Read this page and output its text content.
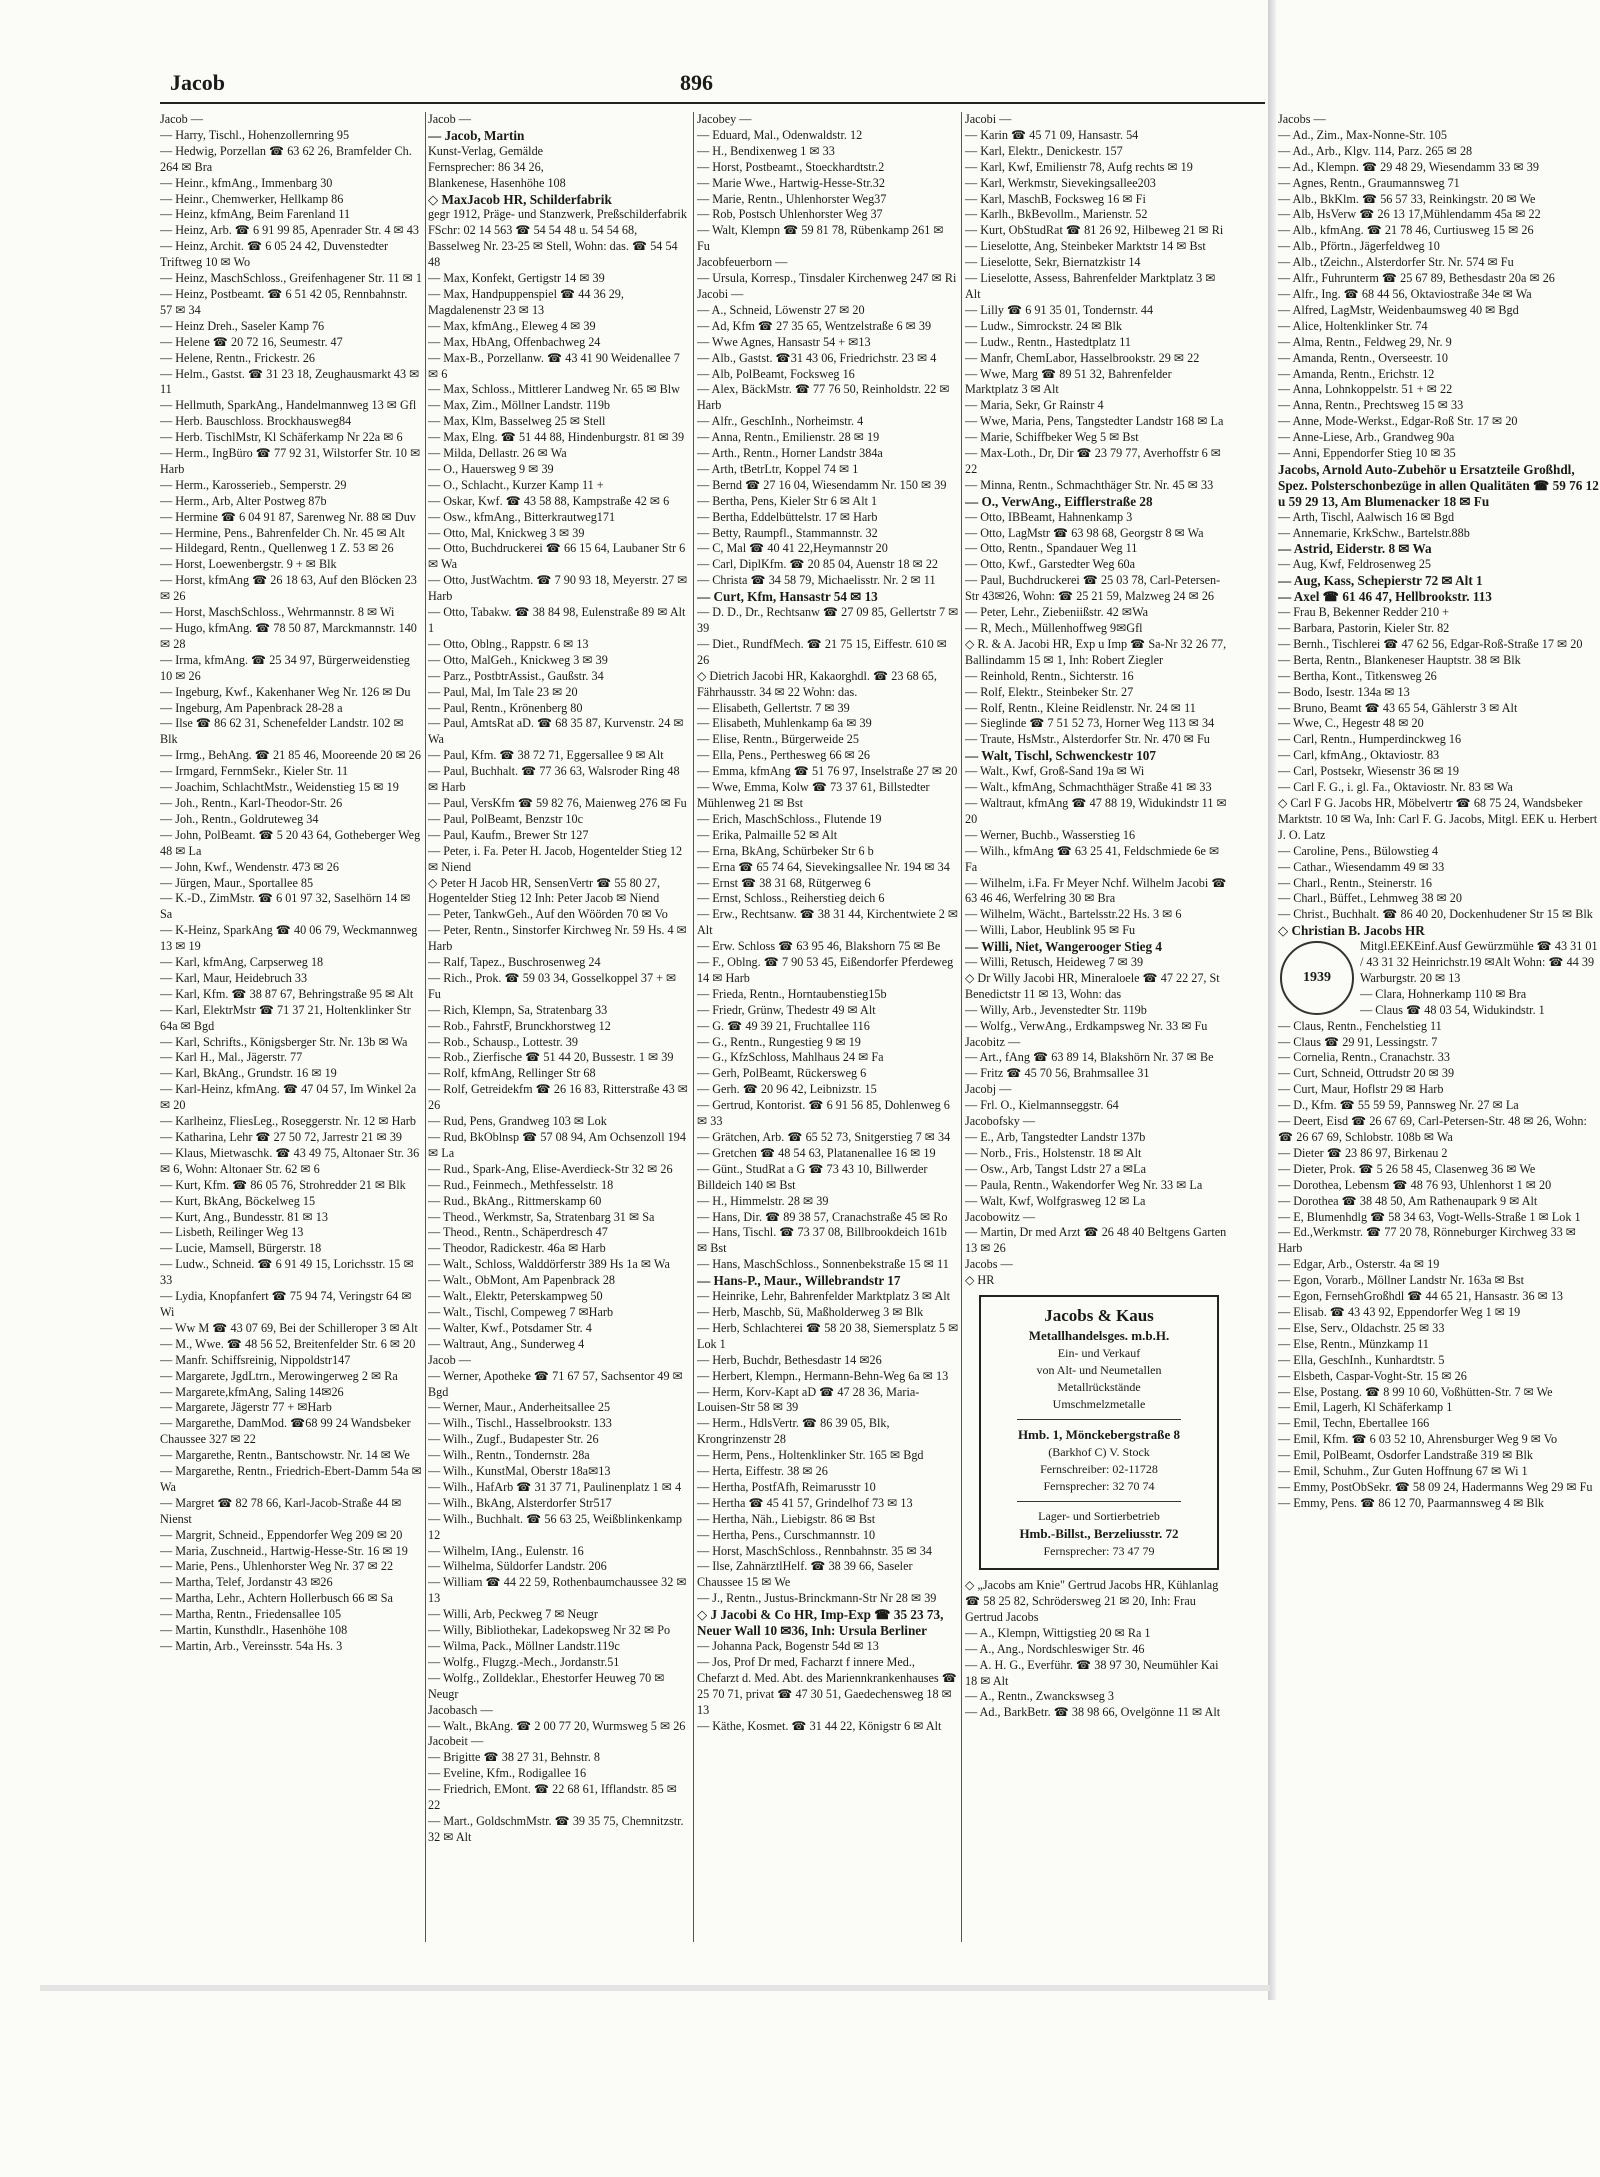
Jacob	896
Jacob —
— Harry, Tischl., Hohenzollernring 95
— Hedwig, Porzellan ☎ 63 62 26, Bramfelder Ch. 264 ✉ Bra
— Heinr., kfmAng., Immenbarg 30
— Heinr., Chemwerker, Hellkamp 86
— Heinz, kfmAng, Beim Farenland 11
— Heinz, Arb. ☎ 6 91 99 85, Apenrader Str. 4 ✉ 43
— Heinz, Archit. ☎ 6 05 24 42, Duvenstedter Triftweg 10 ✉ Wo
— Heinz, MaschSchloss., Greifenhagener Str. 11 ✉ 1
— Heinz, Postbeamt. ☎ 6 51 42 05, Rennbahnstr. 57 ✉ 34
— Heinz Dreh., Saseler Kamp 76
— Helene ☎ 20 72 16, Seumestr. 47
— Helene, Rentn., Frickestr. 26
— Helm., Gastst. ☎ 31 23 18, Zeughausmarkt 43 ✉ 11
— Hellmuth, SparkAng., Handelmannweg 13 ✉ Gfl
— Herb. Bauschloss. Brockhausweg84
— Herb. TischlMstr, Kl Schäferkamp Nr 22a ✉ 6
— Herm., IngBüro ☎ 77 92 31, Wilstorfer Str. 10 ✉ Harb
— Herm., Karosserieb., Semperstr. 29
— Herm., Arb, Alter Postweg 87b
— Hermine ☎ 6 04 91 87, Sarenweg Nr. 88 ✉ Duv
— Hermine, Pens., Bahrenfelder Ch. Nr. 45 ✉ Alt
— Hildegard, Rentn., Quellenweg 1 Z. 53 ✉ 26
— Horst, Loewenbergstr. 9 + ✉ Blk
— Horst, kfmAng ☎ 26 18 63, Auf den Blöcken 23 ✉ 26
— Horst, MaschSchloss., Wehrmannstr. 8 ✉ Wi
— Hugo, kfmAng. ☎ 78 50 87, Marckmannstr. 140 ✉ 28
— Irma, kfmAng. ☎ 25 34 97, Bürgerweidenstieg 10 ✉ 26
— Ingeburg, Kwf., Kakenhaner Weg Nr. 126 ✉ Du
— Ingeburg, Am Papenbrack 28-28 a
— Ilse ☎ 86 62 31, Schenefelder Landstr. 102 ✉ Blk
— Irmg., BehAng. ☎ 21 85 46, Mooreende 20 ✉ 26
— Irmgard, FernmSekr., Kieler Str. 11
— Joachim, SchlachtMstr., Weidenstieg 15 ✉ 19
— Joh., Rentn., Karl-Theodor-Str. 26
— Joh., Rentn., Goldruteweg 34
— John, PolBeamt. ☎ 5 20 43 64, Gotheberger Weg 48 ✉ La
— John, Kwf., Wendenstr. 473 ✉ 26
— Jürgen, Maur., Sportallee 85
— K.-D., ZimMstr. ☎ 6 01 97 32, Saselhörn 14 ✉ Sa
— K-Heinz, SparkAng ☎ 40 06 79, Weckmannweg 13 ✉ 19
— Karl, kfmAng, Carpserweg 18
— Karl, Maur, Heidebruch 33
— Karl, Kfm. ☎ 38 87 67, Behringstraße 95 ✉ Alt
— Karl, ElektrMstr ☎ 71 37 21, Holtenklinker Str 64a ✉ Bgd
— Karl, Schrifts., Königsberger Str. Nr. 13b ✉ Wa
— Karl H., Mal., Jägerstr. 77
— Karl, BkAng., Grundstr. 16 ✉ 19
— Karl-Heinz, kfmAng. ☎ 47 04 57, Im Winkel 2a ✉ 20
— Karlheinz, FliesLeg., Roseggerstr. Nr. 12 ✉ Harb
— Katharina, Lehr ☎ 27 50 72, Jarrestr 21 ✉ 39
— Klaus, Mietwaschk. ☎ 43 49 75, Altonaer Str. 36 ✉ 6, Wohn: Altonaer Str. 62 ✉ 6
— Kurt, Kfm. ☎ 86 05 76, Strohredder 21 ✉ Blk
— Kurt, BkAng, Böckelweg 15
— Kurt, Ang., Bundesstr. 81 ✉ 13
— Lisbeth, Reilinger Weg 13
— Lucie, Mamsell, Bürgerstr. 18
— Ludw., Schneid. ☎ 6 91 49 15, Lorichsstr. 15 ✉ 33
— Lydia, Knopfanfert ☎ 75 94 74, Veringstr 64 ✉ Wi
— Ww M ☎ 43 07 69, Bei der Schilleroper 3 ✉ Alt
— M., Wwe. ☎ 48 56 52, Breitenfelder Str. 6 ✉ 20
— Manfr. Schiffsreinig, Nippoldstr147
— Margarete, JgdLtrn., Merowingerweg 2 ✉ Ra
— Margarete,kfmAng, Saling 14✉26
— Margarete, Jägerstr 77 + ✉Harb
— Margarethe, DamMod. ☎68 99 24 Wandsbeker Chaussee 327 ✉ 22
— Margarethe, Rentn., Bantschowstr. Nr. 14 ✉ We
— Margarethe, Rentn., Friedrich-Ebert-Damm 54a ✉ Wa
— Margret ☎ 82 78 66, Karl-Jacob-Straße 44 ✉ Nienst
— Margrit, Schneid., Eppendorfer Weg 209 ✉ 20
— Maria, Zuschneid., Hartwig-Hesse-Str. 16 ✉ 19
— Marie, Pens., Uhlenhorster Weg Nr. 37 ✉ 22
— Martha, Telef, Jordanstr 43 ✉26
— Martha, Lehr., Achtern Hollerbusch 66 ✉ Sa
— Martha, Rentn., Friedensallee 105
— Martin, Kunsthdlr., Hasenhöhe 108
— Martin, Arb., Vereinsstr. 54a Hs. 3
Jacob —
— Jacob, Martin
Kunst-Verlag, Gemälde
Fernsprecher: 86 34 26,
Blankenese, Hasenhöhe 108
◇ MaxJacob HR, Schilderfabrik
gegr 1912, Präge- und Stanzwerk, Preßschilderfabrik FSchr: 02 14 563 ☎ 54 54 48 u. 54 54 68, Basselweg Nr. 23-25 ✉ Stell, Wohn: das. ☎ 54 54 48
— Max, Konfekt, Gertigstr 14 ✉ 39
— Max, Handpuppenspiel ☎ 44 36 29, Magdalenenstr 23 ✉ 13
— Max, kfmAng., Eleweg 4 ✉ 39
— Max, HbAng, Offenbachweg 24
— Max-B., Porzellanw. ☎ 43 41 90 Weidenallee 7 ✉ 6
— Max, Schloss., Mittlerer Landweg Nr. 65 ✉ Blw
— Max, Zim., Möllner Landstr. 119b
— Max, Klm, Basselweg 25 ✉ Stell
— Max, Elng. ☎ 51 44 88, Hindenburgstr. 81 ✉ 39
— Milda, Dellastr. 26 ✉ Wa
— O., Hauersweg 9 ✉ 39
— O., Schlacht., Kurzer Kamp 11 +
— Oskar, Kwf. ☎ 43 58 88, Kampstraße 42 ✉ 6
— Osw., kfmAng., Bitterkrautweg171
— Otto, Mal, Knickweg 3 ✉ 39
— Otto, Buchdruckerei ☎ 66 15 64, Laubaner Str 6 ✉ Wa
— Otto, JustWachtm. ☎ 7 90 93 18, Meyerstr. 27 ✉ Harb
— Otto, Tabakw. ☎ 38 84 98, Eulenstraße 89 ✉ Alt 1
— Otto, Oblng., Rappstr. 6 ✉ 13
— Otto, MalGeh., Knickweg 3 ✉ 39
— Parz., PostbtrAssist., Gaußstr. 34
— Paul, Mal, Im Tale 23 ✉ 20
— Paul, Rentn., Krönenberg 80
— Paul, AmtsRat aD. ☎ 68 35 87, Kurvenstr. 24 ✉ Wa
— Paul, Kfm. ☎ 38 72 71, Eggersallee 9 ✉ Alt
— Paul, Buchhalt. ☎ 77 36 63, Walsroder Ring 48 ✉ Harb
— Paul, VersKfm ☎ 59 82 76, Maienweg 276 ✉ Fu
— Paul, PolBeamt, Benzstr 10c
— Paul, Kaufm., Brewer Str 127
— Peter, i. Fa. Peter H. Jacob, Hogentelder Stieg 12 ✉ Niend
◇ Peter H Jacob HR, SensenVertr ☎ 55 80 27, Hogentelder Stieg 12 Inh: Peter Jacob ✉ Niend
— Peter, TankwGeh., Auf den Wöörden 70 ✉ Vo
— Peter, Rentn., Sinstorfer Kirchweg Nr. 59 Hs. 4 ✉ Harb
— Ralf, Tapez., Buschrosenweg 24
— Rich., Prok. ☎ 59 03 34, Gosselkoppel 37 + ✉ Fu
— Rich, Klempn, Sa, Stratenbarg 33
— Rob., FahrstF, Brunckhorstweg 12
— Rob., Schausp., Lottestr. 39
— Rob., Zierfische ☎ 51 44 20, Bussestr. 1 ✉ 39
— Rolf, kfmAng, Rellinger Str 68
— Rolf, Getreidekfm ☎ 26 16 83, Ritterstraße 43 ✉ 26
— Rud, Pens, Grandweg 103 ✉ Lok
— Rud, BkOblnsp ☎ 57 08 94, Am Ochsenzoll 194 ✉ La
— Rud., Spark-Ang, Elise-Averdieck-Str 32 ✉ 26
— Rud., Feinmech., Methfesselstr. 18
— Rud., BkAng., Rittmerskamp 60
— Theod., Werkmstr, Sa, Stratenbarg 31 ✉ Sa
— Theod., Rentn., Schäperdresch 47
— Theodor, Radickestr. 46a ✉ Harb
— Walt., Schloss, Walddörferstr 389 Hs 1a ✉ Wa
— Walt., ObMont, Am Papenbrack 28
— Walt., Elektr, Peterskampweg 50
— Walt., Tischl, Compeweg 7 ✉Harb
— Walter, Kwf., Potsdamer Str. 4
— Waltraut, Ang., Sunderweg 4
Jacob —
— Werner, Apotheke ☎ 71 67 57, Sachsentor 49 ✉ Bgd
— Werner, Maur., Anderheitsallee 25
— Wilh., Tischl., Hasselbrookstr. 133
— Wilh., Zugf., Budapester Str. 26
— Wilh., Rentn., Tondernstr. 28a
— Wilh., KunstMal, Oberstr 18a✉13
— Wilh., HafArb ☎ 31 37 71, Paulinenplatz 1 ✉ 4
— Wilh., BkAng, Alsterdorfer Str517
— Wilh., Buchhalt. ☎ 56 63 25, Weißblinkenkamp 12
— Wilhelm, IAng., Eulenstr. 16
— Wilhelma, Süldorfer Landstr. 206
— William ☎ 44 22 59, Rothenbaumchaussee 32 ✉ 13
— Willi, Arb, Peckweg 7 ✉ Neugr
— Willy, Bibliothekar, Ladekopsweg Nr 32 ✉ Po
— Wilma, Pack., Möllner Landstr.119c
— Wolfg., Flugzg.-Mech., Jordanstr.51
— Wolfg., Zolldeklar., Ehestorfer Heuweg 70 ✉ Neugr
Jacobasch —
— Walt., BkAng. ☎ 2 00 77 20, Wurmsweg 5 ✉ 26
Jacobeit —
— Brigitte ☎ 38 27 31, Behnstr. 8
— Eveline, Kfm., Rodigallee 16
— Friedrich, EMont. ☎ 22 68 61, Ifflandstr. 85 ✉ 22
— Mart., GoldschmMstr. ☎ 39 35 75, Chemnitzstr. 32 ✉ Alt
Jacobey —
— Eduard, Mal., Odenwaldstr. 12
— H., Bendixenweg 1 ✉ 33
— Horst, Postbeamt., Stoeckhardtstr.2
— Marie Wwe., Hartwig-Hesse-Str.32
— Marie, Rentn., Uhlenhorster Weg37
— Rob, Postsch Uhlenhorster Weg 37
— Walt, Klempn ☎ 59 81 78, Rübenkamp 261 ✉ Fu
Jacobfeuerborn —
— Ursula, Korresp., Tinsdaler Kirchenweg 247 ✉ Ri
Jacobi —
— A., Schneid, Löwenstr 27 ✉ 20
— Ad, Kfm ☎ 27 35 65, Wentzelstraße 6 ✉ 39
— Wwe Agnes, Hansastr 54 + ✉13
— Alb., Gastst. ☎31 43 06, Friedrichstr. 23 ✉ 4
— Alb, PolBeamt, Focksweg 16
— Alex, BäckMstr. ☎ 77 76 50, Reinholdstr. 22 ✉ Harb
— Alfr., GeschInh., Norheimstr. 4
— Anna, Rentn., Emilienstr. 28 ✉ 19
— Arth., Rentn., Horner Landstr 384a
— Arth, tBetrLtr, Koppel 74 ✉ 1
— Bernd ☎ 27 16 04, Wiesendamm Nr. 150 ✉ 39
— Bertha, Pens, Kieler Str 6 ✉ Alt 1
— Bertha, Eddelbüttelstr. 17 ✉ Harb
— Betty, Raumpfl., Stammannstr. 32
— C, Mal ☎ 40 41 22,Heymannstr 20
— Carl, DiplKfm. ☎ 20 85 04, Auenstr 18 ✉ 22
— Christa ☎ 34 58 79, Michaelisstr. Nr. 2 ✉ 11
— Curt, Kfm, Hansastr 54 ✉ 13
— D. D., Dr., Rechtsanw ☎ 27 09 85, Gellertstr 7 ✉ 39
— Diet., RundfMech. ☎ 21 75 15, Eiffestr. 610 ✉ 26
◇ Dietrich Jacobi HR, Kakaorghdl. ☎ 23 68 65, Fährhausstr. 34 ✉ 22 Wohn: das.
— Elisabeth, Gellertstr. 7 ✉ 39
— Elisabeth, Muhlenkamp 6a ✉ 39
— Elise, Rentn., Bürgerweide 25
— Ella, Pens., Perthesweg 66 ✉ 26
— Emma, kfmAng ☎ 51 76 97, Inselstraße 27 ✉ 20
— Wwe, Emma, Kolw ☎ 73 37 61, Billstedter Mühlenweg 21 ✉ Bst
— Erich, MaschSchloss., Flutende 19
— Erika, Palmaille 52 ✉ Alt
— Erna, BkAng, Schürbeker Str 6 b
— Erna ☎ 65 74 64, Sievekingsallee Nr. 194 ✉ 34
— Ernst ☎ 38 31 68, Rütgerweg 6
— Ernst, Schloss., Reiherstieg deich 6
— Erw., Rechtsanw. ☎ 38 31 44, Kirchentwiete 2 ✉ Alt
— Erw. Schloss ☎ 63 95 46, Blakshorn 75 ✉ Be
— F., Oblng. ☎ 7 90 53 45, Eißendorfer Pferdeweg 14 ✉ Harb
— Frieda, Rentn., Horntaubenstieg15b
— Friedr, Grünw, Thedestr 49 ✉ Alt
— G. ☎ 49 39 21, Fruchtallee 116
— G., Rentn., Rungestieg 9 ✉ 19
— G., KfzSchloss, Mahlhaus 24 ✉ Fa
— Gerh, PolBeamt, Rückersweg 6
— Gerh. ☎ 20 96 42, Leibnizstr. 15
— Gertrud, Kontorist. ☎ 6 91 56 85, Dohlenweg 6 ✉ 33
— Grätchen, Arb. ☎ 65 52 73, Snitgerstieg 7 ✉ 34
— Gretchen ☎ 48 54 63, Platanenallee 16 ✉ 19
— Günt., StudRat a G ☎ 73 43 10, Billwerder Billdeich 140 ✉ Bst
— H., Himmelstr. 28 ✉ 39
— Hans, Dir. ☎ 89 38 57, Cranachstraße 45 ✉ Ro
— Hans, Tischl. ☎ 73 37 08, Billbrookdeich 161b ✉ Bst
— Hans, MaschSchloss., Sonnenbekstraße 15 ✉ 11
— Hans-P., Maur., Willebrandstr 17
— Heinrike, Lehr, Bahrenfelder Marktplatz 3 ✉ Alt
— Herb, Maschb, Sü, Maßholderweg 3 ✉ Blk
— Herb, Schlachterei ☎ 58 20 38, Siemersplatz 5 ✉ Lok 1
— Herb, Buchdr, Bethesdastr 14 ✉26
— Herbert, Klempn., Hermann-Behn-Weg 6a ✉ 13
— Herm, Korv-Kapt aD ☎ 47 28 36, Maria-Louisen-Str 58 ✉ 39
— Herm., HdlsVertr. ☎ 86 39 05, Blk, Krongrinzenstr 28
— Herm, Pens., Holtenklinker Str. 165 ✉ Bgd
— Herta, Eiffestr. 38 ✉ 26
— Hertha, PostfAfh, Reimarusstr 10
— Hertha ☎ 45 41 57, Grindelhof 73 ✉ 13
— Hertha, Näh., Liebigstr. 86 ✉ Bst
— Hertha, Pens., Curschmannstr. 10
— Horst, MaschSchloss., Rennbahnstr. 35 ✉ 34
— Ilse, ZahnärztlHelf. ☎ 38 39 66, Saseler Chaussee 15 ✉ We
— J., Rentn., Justus-Brinckmann-Str Nr 28 ✉ 39
◇ J Jacobi & Co HR, Imp-Exp ☎ 35 23 73, Neuer Wall 10 ✉36, Inh: Ursula Berliner
— Johanna Pack, Bogenstr 54d ✉ 13
— Jos, Prof Dr med, Facharzt f innere Med., Chefarzt d. Med. Abt. des Mariennkrankenhauses ☎ 25 70 71, privat ☎ 47 30 51, Gaedechensweg 18 ✉ 13
— Käthe, Kosmet. ☎ 31 44 22, Königstr 6 ✉ Alt
Jacobi —
— Karin ☎ 45 71 09, Hansastr. 54
— Karl, Elektr., Denickestr. 157
— Karl, Kwf, Emilienstr 78, Aufg rechts ✉ 19
— Karl, Werkmstr, Sievekingsallee203
— Karl, MaschB, Focksweg 16 ✉ Fi
— Karlh., BkBevollm., Marienstr. 52
— Kurt, ObStudRat ☎ 81 26 92, Hilbeweg 21 ✉ Ri
— Lieselotte, Ang, Steinbeker Marktstr 14 ✉ Bst
— Lieselotte, Sekr, Biernatzkistr 14
— Lieselotte, Assess, Bahrenfelder Marktplatz 3 ✉ Alt
— Lilly ☎ 6 91 35 01, Tondernstr. 44
— Ludw., Simrockstr. 24 ✉ Blk
— Ludw., Rentn., Hastedtplatz 11
— Manfr, ChemLabor, Hasselbrookstr. 29 ✉ 22
— Wwe, Marg ☎ 89 51 32, Bahrenfelder Marktplatz 3 ✉ Alt
— Maria, Sekr, Gr Rainstr 4
— Wwe, Maria, Pens, Tangstedter Landstr 168 ✉ La
— Marie, Schiffbeker Weg 5 ✉ Bst
— Max-Loth., Dr, Dir ☎ 23 79 77, Averhoffstr 6 ✉ 22
— Minna, Rentn., Schmachthäger Str. Nr. 45 ✉ 33
— O., VerwAng., Eifflerstraße 28
— Otto, IBBeamt, Hahnenkamp 3
— Otto, LagMstr ☎ 63 98 68, Georgstr 8 ✉ Wa
— Otto, Rentn., Spandauer Weg 11
— Otto, Kwf., Garstedter Weg 60a
— Paul, Buchdruckerei ☎ 25 03 78, Carl-Petersen-Str 43✉26, Wohn: ☎ 25 21 59, Malzweg 24 ✉ 26
— Peter, Lehr., Ziebeniißstr. 42 ✉Wa
— R, Mech., Müllenhoffweg 9✉Gfl
◇ R. & A. Jacobi HR, Exp u Imp ☎ Sa-Nr 32 26 77, Ballindamm 15 ✉ 1, Inh: Robert Ziegler
— Reinhold, Rentn., Sichterstr. 16
— Rolf, Elektr., Steinbeker Str. 27
— Rolf, Rentn., Kleine Reidlenstr. Nr. 24 ✉ 11
— Sieglinde ☎ 7 51 52 73, Horner Weg 113 ✉ 34
— Traute, HsMstr., Alsterdorfer Str. Nr. 470 ✉ Fu
— Walt, Tischl, Schwenckestr 107
— Walt., Kwf, Groß-Sand 19a ✉ Wi
— Walt., kfmAng, Schmachthäger Straße 41 ✉ 33
— Waltraut, kfmAng ☎ 47 88 19, Widukindstr 11 ✉ 20
— Werner, Buchb., Wasserstieg 16
— Wilh., kfmAng ☎ 63 25 41, Feldschmiede 6e ✉ Fa
— Wilhelm, i.Fa. Fr Meyer Nchf. Wilhelm Jacobi ☎ 63 46 46, Werfelring 30 ✉ Bra
— Wilhelm, Wächt., Bartelsstr.22 Hs. 3 ✉ 6
— Willi, Labor, Heublink 95 ✉ Fu
— Willi, Niet, Wangerooger Stieg 4
— Willi, Retusch, Heideweg 7 ✉ 39
◇ Dr Willy Jacobi HR, Mineraloele ☎ 47 22 27, St Benedictstr 11 ✉ 13, Wohn: das
— Willy, Arb., Jevenstedter Str. 119b
— Wolfg., VerwAng., Erdkampsweg Nr. 33 ✉ Fu
Jacobitz —
— Art., fAng ☎ 63 89 14, Blakshörn Nr. 37 ✉ Be
— Fritz ☎ 45 70 56, Brahmsallee 31
Jacobj —
— Frl. O., Kielmannseggstr. 64
Jacobofsky —
— E., Arb, Tangstedter Landstr 137b
— Norb., Fris., Holstenstr. 18 ✉ Alt
— Osw., Arb, Tangst Ldstr 27 a ✉La
— Paula, Rentn., Wakendorfer Weg Nr. 33 ✉ La
— Walt, Kwf, Wolfgrasweg 12 ✉ La
Jacobowitz —
— Martin, Dr med Arzt ☎ 26 48 40 Beltgens Garten 13 ✉ 26
Jacobs —
◇ HR
Jacobs & Kaus
Metallhandelsges. m.b.H.
Ein- und Verkauf
von Alt- und Neumetallen
Metallrückstände
Umschmelzmetalle
Hmb. 1, Mönckebergstraße 8
(Barkhof C) V. Stock
Fernschreiber: 02-11728
Fernsprecher: 32 70 74
Lager- und Sortierbetrieb
Hmb.-Billst., Berzeliusstr. 72
Fernsprecher: 73 47 79
◇ „Jacobs am Knie" Gertrud Jacobs HR, Kühlanlag ☎ 58 25 82, Schrödersweg 21 ✉ 20, Inh: Frau Gertrud Jacobs
— A., Klempn, Wittigstieg 20 ✉ Ra 1
— A., Ang., Nordschleswiger Str. 46
— A. H. G., Everführ. ☎ 38 97 30, Neumühler Kai 18 ✉ Alt
— A., Rentn., Zwanckswseg 3
— Ad., BarkBetr. ☎ 38 98 66, Ovelgönne 11 ✉ Alt
Jacobs —
— Ad., Zim., Max-Nonne-Str. 105
— Ad., Arb., Klgv. 114, Parz. 265 ✉ 28
— Ad., Klempn. ☎ 29 48 29, Wiesendamm 33 ✉ 39
— Agnes, Rentn., Graumannsweg 71
— Alb., BkKlm. ☎ 56 57 33, Reinkingstr. 20 ✉ We
— Alb, HsVerw ☎ 26 13 17,Mühlendamm 45a ✉ 22
— Alb., kfmAng. ☎ 21 78 46, Curtiusweg 15 ✉ 26
— Alb., Pförtn., Jägerfeldweg 10
— Alb., tZeichn., Alsterdorfer Str. Nr. 574 ✉ Fu
— Alfr., Fuhrunterm ☎ 25 67 89, Bethesdastr 20a ✉ 26
— Alfr., Ing. ☎ 68 44 56, Oktaviostraße 34e ✉ Wa
— Alfred, LagMstr, Weidenbaumsweg 40 ✉ Bgd
— Alice, Holtenklinker Str. 74
— Alma, Rentn., Feldweg 29, Nr. 9
— Amanda, Rentn., Overseestr. 10
— Amanda, Rentn., Erichstr. 12
— Anna, Lohnkoppelstr. 51 + ✉ 22
— Anna, Rentn., Prechtsweg 15 ✉ 33
— Anne, Mode-Werkst., Edgar-Roß Str. 17 ✉ 20
— Anne-Liese, Arb., Grandweg 90a
— Anni, Eppendorfer Stieg 10 ✉ 35
Jacobs, Arnold Auto-Zubehör u Ersatzteile Großhdl, Spez. Polsterschonbezüge in allen Qualitäten ☎ 59 76 12 u 59 29 13, Am Blumenacker 18 ✉ Fu
— Arth, Tischl, Aalwisch 16 ✉ Bgd
— Annemarie, KrkSchw., Bartelstr.88b
— Astrid, Eiderstr. 8 ✉ Wa
— Aug, Kwf, Feldrosenweg 25
— Aug, Kass, Schepierstr 72 ✉ Alt 1
— Axel ☎ 61 46 47, Hellbrookstr. 113
— Frau B, Bekenner Redder 210 +
— Barbara, Pastorin, Kieler Str. 82
— Bernh., Tischlerei ☎ 47 62 56, Edgar-Roß-Straße 17 ✉ 20
— Berta, Rentn., Blankeneser Hauptstr. 38 ✉ Blk
— Bertha, Kont., Titkensweg 26
— Bodo, Isestr. 134a ✉ 13
— Bruno, Beamt ☎ 43 65 54, Gählerstr 3 ✉ Alt
— Wwe, C., Hegestr 48 ✉ 20
— Carl, Rentn., Humperdinckweg 16
— Carl, kfmAng., Oktaviostr. 83
— Carl, Postsekr, Wiesenstr 36 ✉ 19
— Carl F. G., i. gl. Fa., Oktaviostr. Nr. 83 ✉ Wa
◇ Carl F G. Jacobs HR, Möbelvertr ☎ 68 75 24, Wandsbeker Marktstr. 10 ✉ Wa, Inh: Carl F. G. Jacobs, Mitgl. EEK u. Herbert J. O. Latz
— Caroline, Pens., Bülowstieg 4
— Cathar., Wiesendamm 49 ✉ 33
— Charl., Rentn., Steinerstr. 16
— Charl., Büffet., Lehmweg 38 ✉ 20
— Christ., Buchhalt. ☎ 86 40 20, Dockenhudener Str 15 ✉ Blk
◇ Christian B. Jacobs HR
1939
Mitgl.EEKEinf.Ausf Gewürzmühle ☎ 43 31 01 / 43 31 32 Heinrichstr.19 ✉Alt Wohn: ☎ 44 39 Warburgstr. 20 ✉ 13
— Clara, Hohnerkamp 110 ✉ Bra
— Claus ☎ 48 03 54, Widukindstr. 1
— Claus, Rentn., Fenchelstieg 11
— Claus ☎ 29 91, Lessingstr. 7
— Cornelia, Rentn., Cranachstr. 33
— Curt, Schneid, Ottrudstr 20 ✉ 39
— Curt, Maur, Hoflstr 29 ✉ Harb
— D., Kfm. ☎ 55 59 59, Pannsweg Nr. 27 ✉ La
— Deert, Eisd ☎ 26 67 69, Carl-Petersen-Str. 48 ✉ 26, Wohn: ☎ 26 67 69, Schlobstr. 108b ✉ Wa
— Dieter ☎ 23 86 97, Birkenau 2
— Dieter, Prok. ☎ 5 26 58 45, Clasenweg 36 ✉ We
— Dorothea, Lebensm ☎ 48 76 93, Uhlenhorst 1 ✉ 20
— Dorothea ☎ 38 48 50, Am Rathenaupark 9 ✉ Alt
— E, Blumenhdlg ☎ 58 34 63, Vogt-Wells-Straße 1 ✉ Lok 1
— Ed.,Werkmstr. ☎ 77 20 78, Rönneburger Kirchweg 33 ✉ Harb
— Edgar, Arb., Osterstr. 4a ✉ 19
— Egon, Vorarb., Möllner Landstr Nr. 163a ✉ Bst
— Egon, FernsehGroßhdl ☎ 44 65 21, Hansastr. 36 ✉ 13
— Elisab. ☎ 43 43 92, Eppendorfer Weg 1 ✉ 19
— Else, Serv., Oldachstr. 25 ✉ 33
— Else, Rentn., Münzkamp 11
— Ella, GeschInh., Kunhardtstr. 5
— Elsbeth, Caspar-Voght-Str. 15 ✉ 26
— Else, Postang. ☎ 8 99 10 60, Voßhütten-Str. 7 ✉ We
— Emil, Lagerh, Kl Schäferkamp 1
— Emil, Techn, Ebertallee 166
— Emil, Kfm. ☎ 6 03 52 10, Ahrensburger Weg 9 ✉ Vo
— Emil, PolBeamt, Osdorfer Landstraße 319 ✉ Blk
— Emil, Schuhm., Zur Guten Hoffnung 67 ✉ Wi 1
— Emmy, PostObSekr. ☎ 58 09 24, Hadermanns Weg 29 ✉ Fu
— Emmy, Pens. ☎ 86 12 70, Paarmannsweg 4 ✉ Blk
